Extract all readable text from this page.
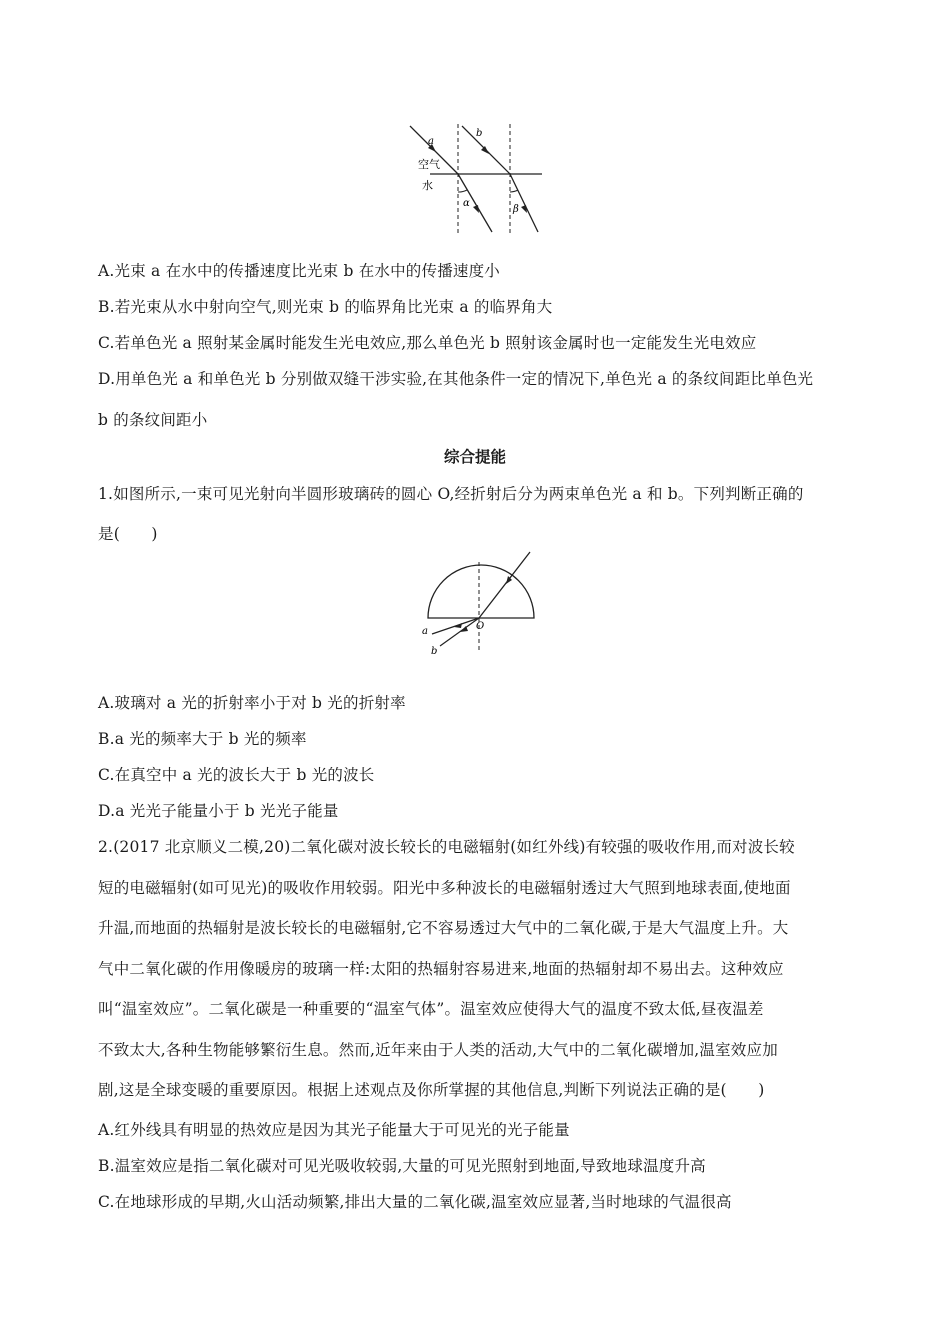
a
b
空气
水
α
β
A.光束 a 在水中的传播速度比光束 b 在水中的传播速度小
B.若光束从水中射向空气,则光束 b 的临界角比光束 a 的临界角大
C.若单色光 a 照射某金属时能发生光电效应,那么单色光 b 照射该金属时也一定能发生光电效应
D.用单色光 a 和单色光 b 分别做双缝干涉实验,在其他条件一定的情况下,单色光 a 的条纹间距比单色光
b 的条纹间距小
综合提能
1.如图所示,一束可见光射向半圆形玻璃砖的圆心 O,经折射后分为两束单色光 a 和 b。下列判断正确的
是(　　)
O
a
b
A.玻璃对 a 光的折射率小于对 b 光的折射率
B.a 光的频率大于 b 光的频率
C.在真空中 a 光的波长大于 b 光的波长
D.a 光光子能量小于 b 光光子能量
2.(2017 北京顺义二模,20)二氧化碳对波长较长的电磁辐射(如红外线)有较强的吸收作用,而对波长较
短的电磁辐射(如可见光)的吸收作用较弱。阳光中多种波长的电磁辐射透过大气照到地球表面,使地面
升温,而地面的热辐射是波长较长的电磁辐射,它不容易透过大气中的二氧化碳,于是大气温度上升。大
气中二氧化碳的作用像暖房的玻璃一样:太阳的热辐射容易进来,地面的热辐射却不易出去。这种效应
叫“温室效应”。二氧化碳是一种重要的“温室气体”。温室效应使得大气的温度不致太低,昼夜温差
不致太大,各种生物能够繁衍生息。然而,近年来由于人类的活动,大气中的二氧化碳增加,温室效应加
剧,这是全球变暖的重要原因。根据上述观点及你所掌握的其他信息,判断下列说法正确的是(　　)
A.红外线具有明显的热效应是因为其光子能量大于可见光的光子能量
B.温室效应是指二氧化碳对可见光吸收较弱,大量的可见光照射到地面,导致地球温度升高
C.在地球形成的早期,火山活动频繁,排出大量的二氧化碳,温室效应显著,当时地球的气温很高
